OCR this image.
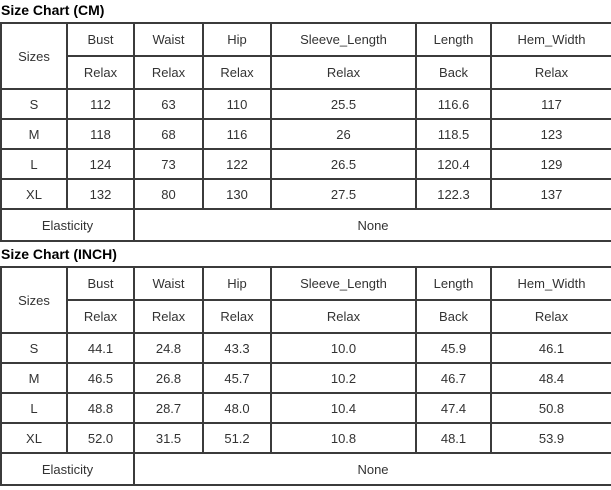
Size Chart (CM)
Sizes	Bust	Waist	Hip	Sleeve_Length	Length	Hem_Width
	Relax	Relax	Relax	Relax	Back	Relax
S	112	63	110	25.5	116.6	117
M	118	68	116	26	118.5	123
L	124	73	122	26.5	120.4	129
XL	132	80	130	27.5	122.3	137
Elasticity		None				
Size Chart (INCH)
Sizes	Bust	Waist	Hip	Sleeve_Length	Length	Hem_Width
	Relax	Relax	Relax	Relax	Back	Relax
S	44.1	24.8	43.3	10.0	45.9	46.1
M	46.5	26.8	45.7	10.2	46.7	48.4
L	48.8	28.7	48.0	10.4	47.4	50.8
XL	52.0	31.5	51.2	10.8	48.1	53.9
Elasticity		None				
